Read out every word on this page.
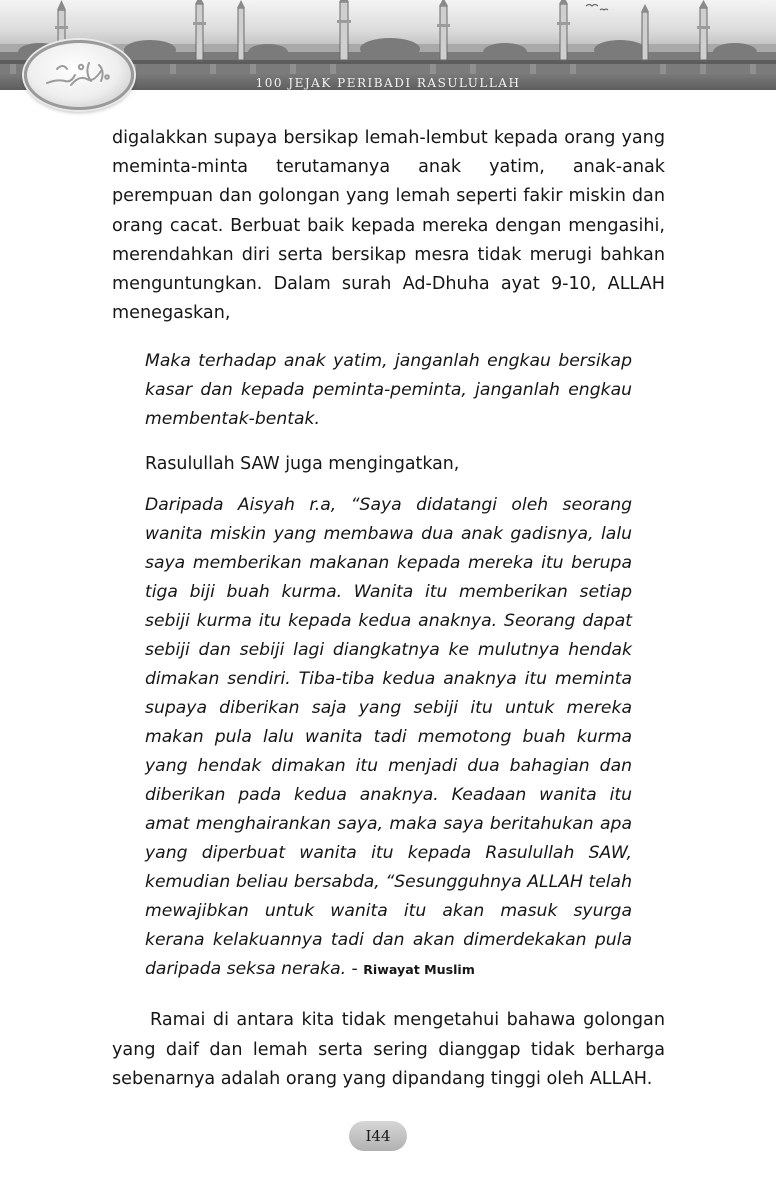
100 JEJAK PERIBADI RASULULLAH

digalakkan supaya bersikap lemah-lembut kepada orang yang meminta-minta terutamanya anak yatim, anak-anak perempuan dan golongan yang lemah seperti fakir miskin dan orang cacat. Berbuat baik kepada mereka dengan mengasihi, merendahkan diri serta bersikap mesra tidak merugi bahkan menguntungkan. Dalam surah Ad-Dhuha ayat 9-10, ALLAH menegaskan,

Maka terhadap anak yatim, janganlah engkau bersikap kasar dan kepada peminta-peminta, janganlah engkau membentak-bentak.

Rasulullah SAW juga mengingatkan,

Daripada Aisyah r.a, “Saya didatangi oleh seorang wanita miskin yang membawa dua anak gadisnya, lalu saya memberikan makanan kepada mereka itu berupa tiga biji buah kurma. Wanita itu memberikan setiap sebiji kurma itu kepada kedua anaknya. Seorang dapat sebiji dan sebiji lagi diangkatnya ke mulutnya hendak dimakan sendiri. Tiba-tiba kedua anaknya itu meminta supaya diberikan saja yang sebiji itu untuk mereka makan pula lalu wanita tadi memotong buah kurma yang hendak dimakan itu menjadi dua bahagian dan diberikan pada kedua anaknya. Keadaan wanita itu amat menghairankan saya, maka saya beritahukan apa yang diperbuat wanita itu kepada Rasulullah SAW, kemudian beliau bersabda, “Sesungguhnya ALLAH telah mewajibkan untuk wanita itu akan masuk syurga kerana kelakuannya tadi dan akan dimerdekakan pula daripada seksa neraka. - Riwayat Muslim

Ramai di antara kita tidak mengetahui bahawa golongan yang daif dan lemah serta sering dianggap tidak berharga sebenarnya adalah orang yang dipandang tinggi oleh ALLAH.

I44
